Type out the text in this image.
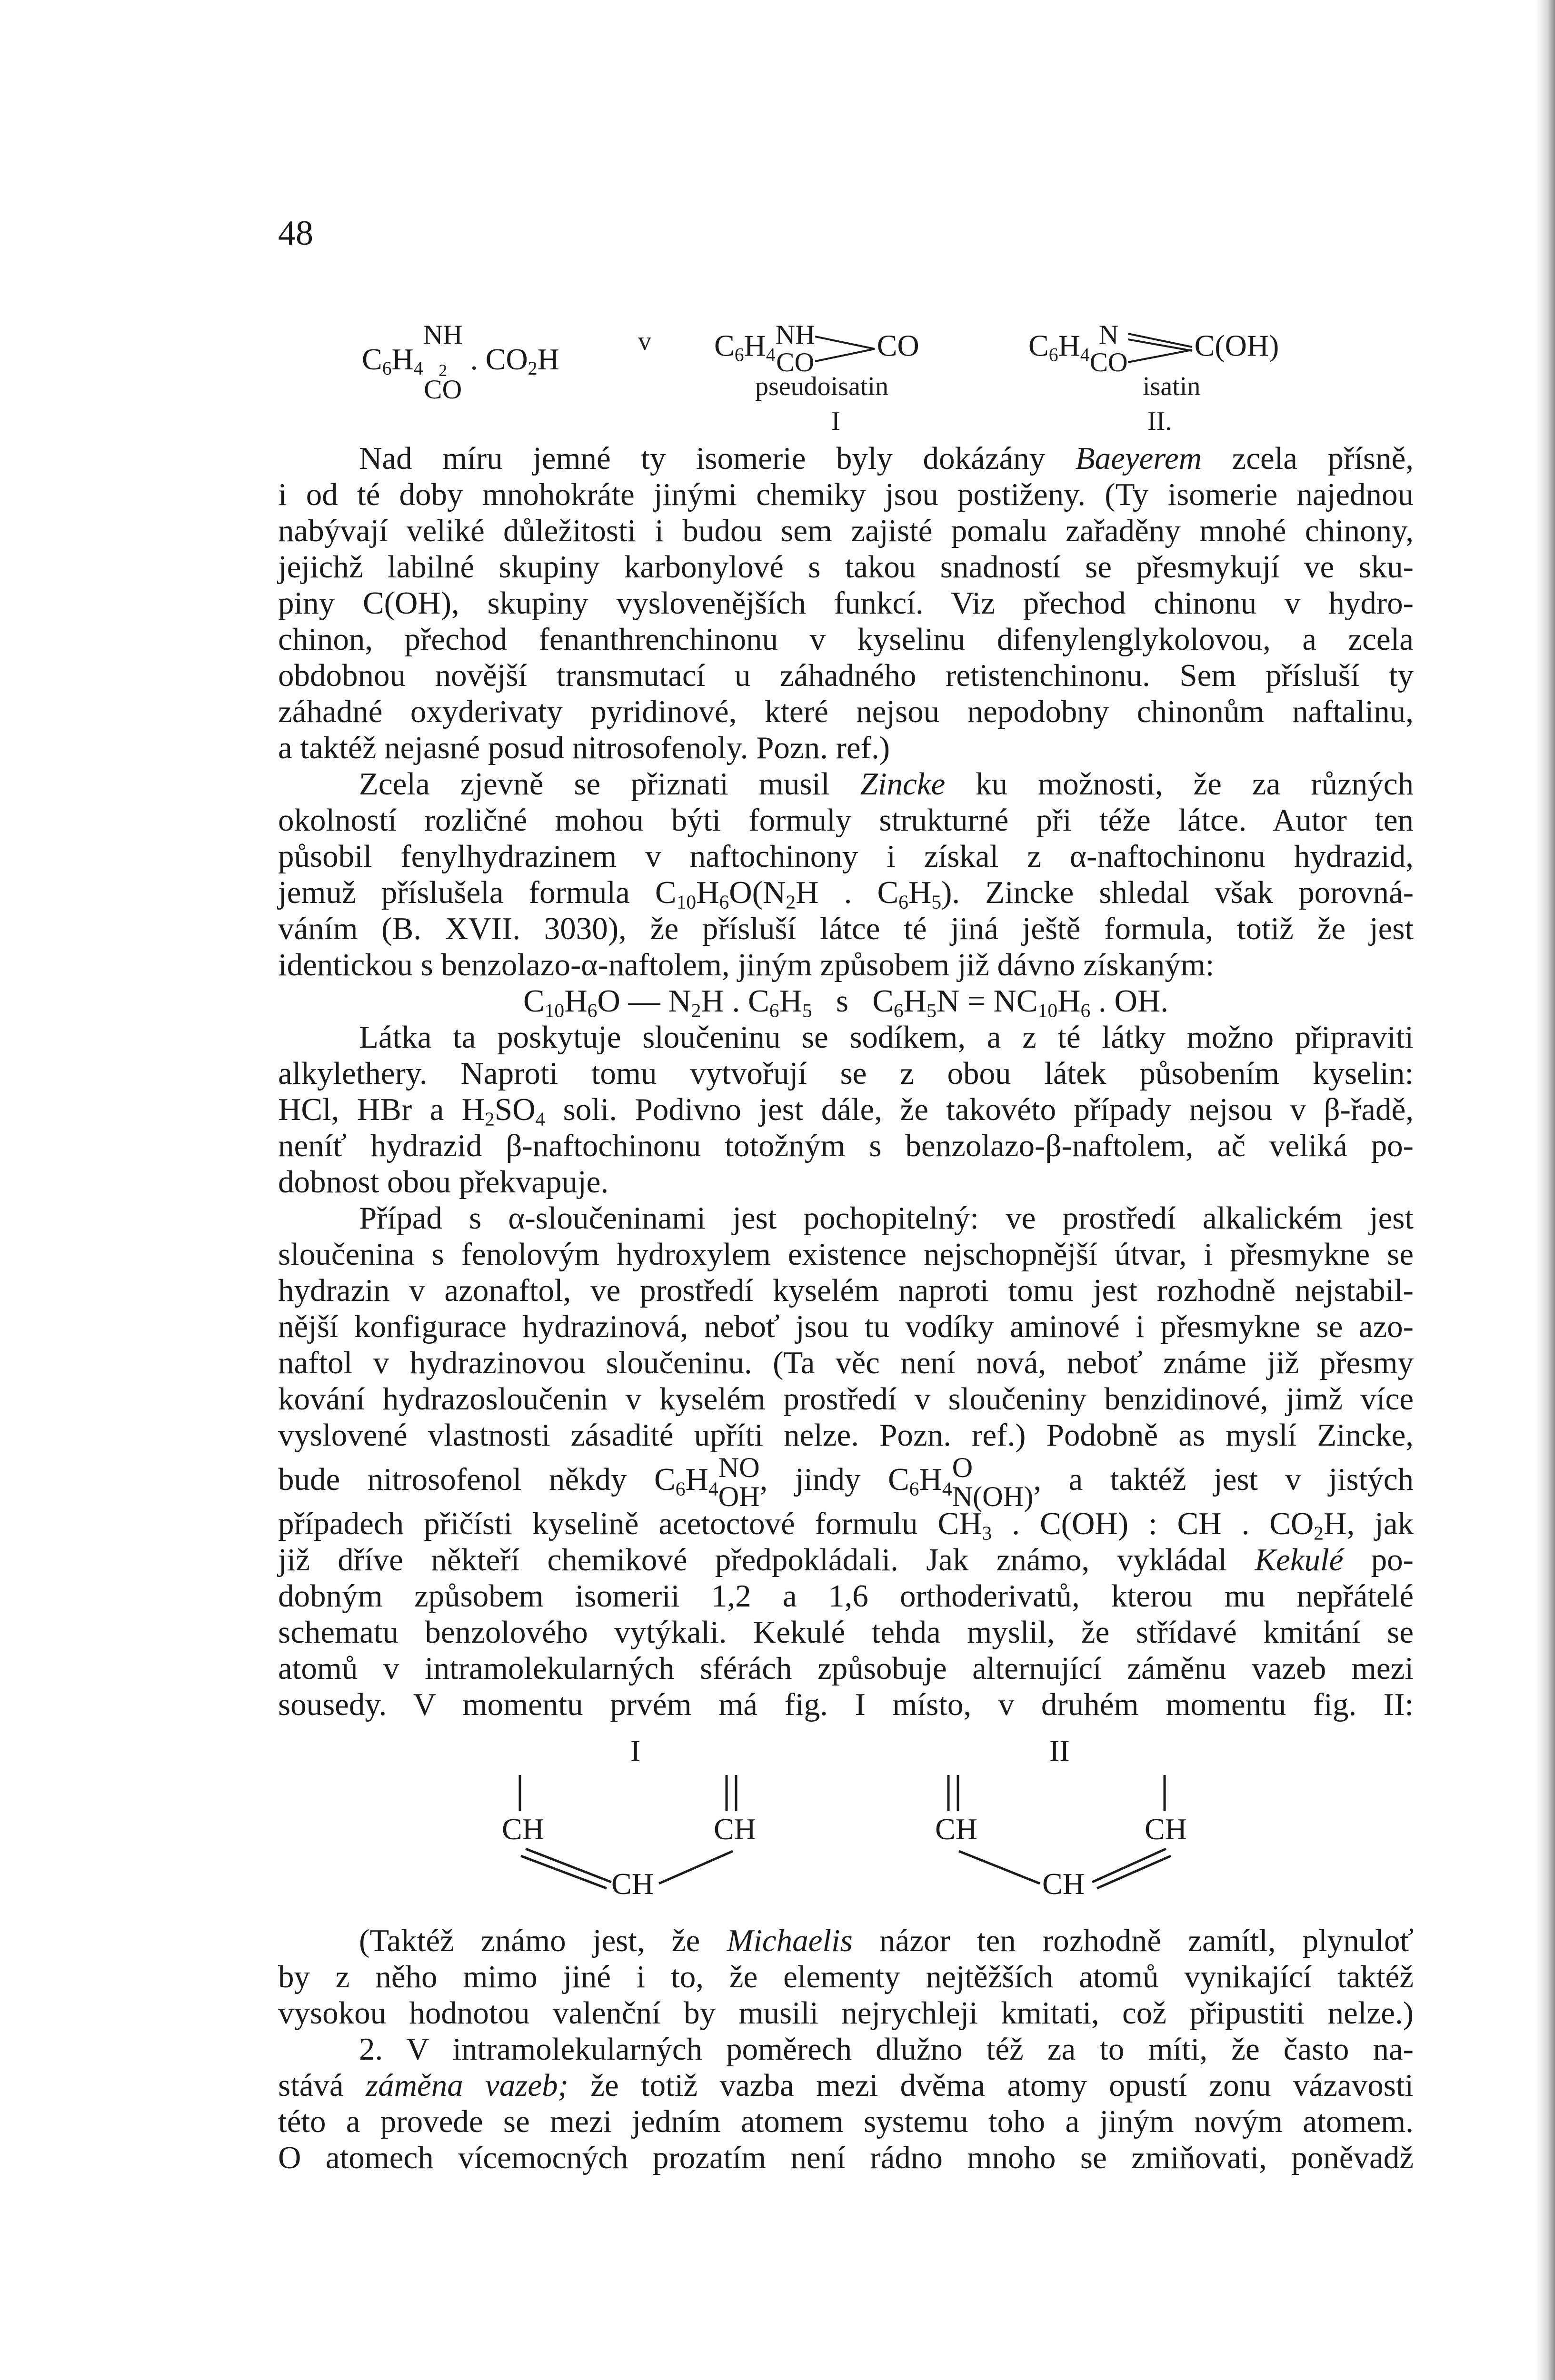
48
$C_6H_4$
NH
$_2$
CO
. $CO_2H$
v $C_6H_4$
NH
CO CO
pseudoisatin
I
$C_6H_4$
N
CO C(OH)
isatin
II.
Nad míru jemné ty isomerie byly dokázány Baeyerem zcela přísně,
i od té doby mnohokráte jinými chemiky jsou postiženy. (Ty isomerie najednou
nabývají veliké důležitosti i budou sem zajisté pomalu zařaděny mnohé chinony,
jejichž labilné skupiny karbonylové s takou snadností se přesmykují ve sku-
piny C(OH), skupiny vyslovenějších funkcí. Viz přechod chinonu v hydro-
chinon, přechod fenanthrenchinonu v kyselinu difenylenglykolovou, a zcela
obdobnou novější transmutací u záhadného retistenchinonu. Sem přísluší ty
záhadné oxyderivaty pyridinové, které nejsou nepodobny chinonům naftalinu,
a taktéž nejasné posud nitrosofenoly. Pozn. ref.)
Zcela zjevně se přiznati musil Zincke ku možnosti, že za různých
okolností rozličné mohou býti formuly strukturné při téže látce. Autor ten
působil fenylhydrazinem v naftochinony i získal z α-naftochinonu hydrazid,
jemuž příslušela formula $C_{10}H_6O(N_2H$ . $C_6H_5$). Zincke shledal však porovná-
váním (B. XVII. 3030), že přísluší látce té jiná ještě formula, totiž že jest
identickou s benzolazo-α-naftolem, jiným způsobem již dávno získaným:
$C_{10}H_6O$ — $N_2H$ . $C_6H_5$   s   $C_6H_5N = NC_{10}H_6$ . OH.
Látka ta poskytuje sloučeninu se sodíkem, a z té látky možno připraviti
alkylethery. Naproti tomu vytvořují se z obou látek působením kyselin:
HCl, HBr a $H_2SO_4$ soli. Podivno jest dále, že takovéto případy nejsou v β-řadě,
neníť hydrazid β-naftochinonu totožným s benzolazo-β-naftolem, ač veliká po-
dobnost obou překvapuje.
Případ s α-sloučeninami jest pochopitelný: ve prostředí alkalickém jest
sloučenina s fenolovým hydroxylem existence nejschopnější útvar, i přesmykne se
hydrazin v azonaftol, ve prostředí kyselém naproti tomu jest rozhodně nejstabil-
nější konfigurace hydrazinová, neboť jsou tu vodíky aminové i přesmykne se azo-
naftol v hydrazinovou sloučeninu. (Ta věc není nová, neboť známe již přesmy
kování hydrazosloučenin v kyselém prostředí v sloučeniny benzidinové, jimž více
vyslovené vlastnosti zásadité upříti nelze. Pozn. ref.) Podobně as myslí Zincke,
bude nitrosofenol někdy $C_6H_4$
NO
OH , jindy $C_6H_4$
O
N(OH) , a taktéž jest v jistých
případech přičísti kyselině acetoctové formulu $CH_3$ . C(OH) : CH . $CO_2H$, jak
již dříve někteří chemikové předpokládali. Jak známo, vykládal Kekulé po-
dobným způsobem isomerii 1,2 a 1,6 orthoderivatů, kterou mu nepřátelé
schematu benzolového vytýkali. Kekulé tehda myslil, že střídavé kmitání se
atomů v intramolekularných sférách způsobuje alternující záměnu vazeb mezi
sousedy. V momentu prvém má fig. I místo, v druhém momentu fig. II:
I	II
CH	CH
CH
CH	CH
CH
(Taktéž známo jest, že Michaelis názor ten rozhodně zamítl, plynulоť
by z něho mimo jiné i to, že elementy nejtěžších atomů vynikající taktéž
vysokou hodnotou valenční by musili nejrychleji kmitati, což připustiti nelze.)
2. V intramolekularných poměrech dlužno též za to míti, že často na-
stává záměna vazeb; že totiž vazba mezi dvěma atomy opustí zonu vázavosti
této a provede se mezi jedním atomem systemu toho a jiným novým atomem.
O atomech vícemocných prozatím není rádno mnoho se zmiňovati, poněvadž
